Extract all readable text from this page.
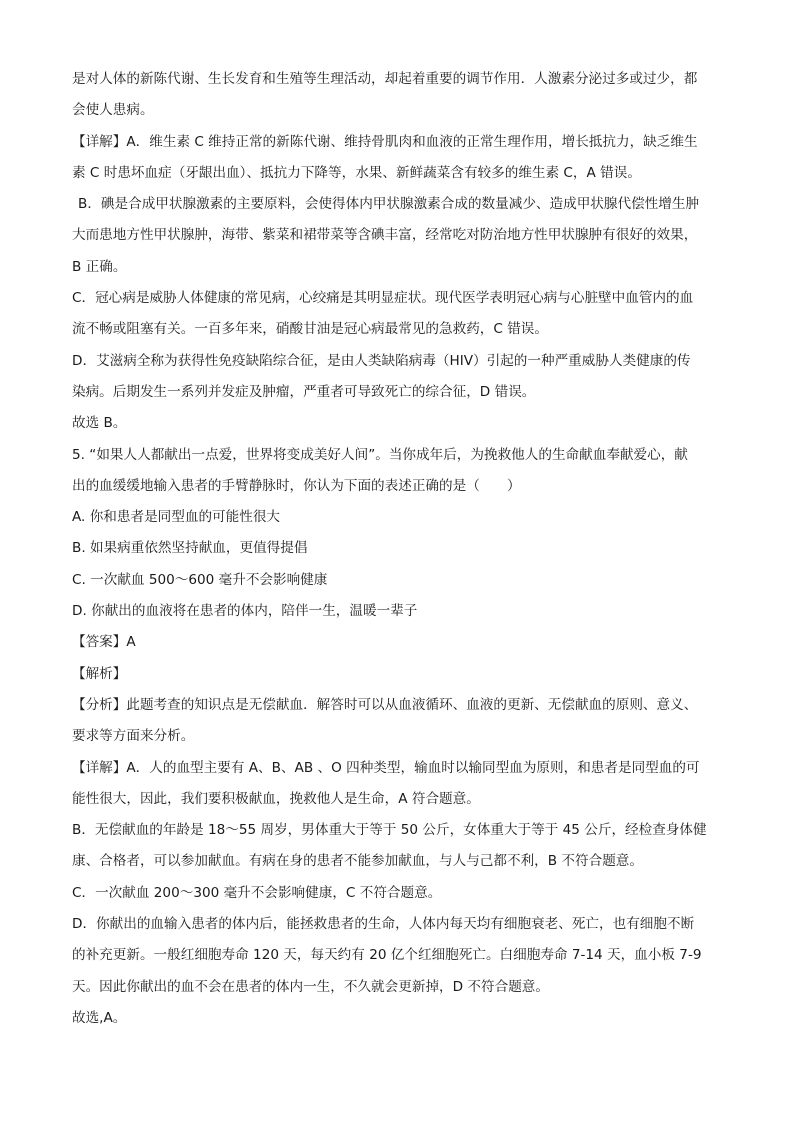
是对人体的新陈代谢、生长发育和生殖等生理活动，却起着重要的调节作用．人激素分泌过多或过少，都
会使人患病。
【详解】A．维生素 C 维持正常的新陈代谢、维持骨肌肉和血液的正常生理作用，增长抵抗力，缺乏维生
素 C 时患坏血症（牙龈出血）、抵抗力下降等，水果、新鲜蔬菜含有较多的维生素 C，A 错误。
B．碘是合成甲状腺激素的主要原料，会使得体内甲状腺激素合成的数量减少、造成甲状腺代偿性增生肿
大而患地方性甲状腺肿，海带、紫菜和裙带菜等含碘丰富，经常吃对防治地方性甲状腺肿有很好的效果，
B 正确。
C．冠心病是威胁人体健康的常见病，心绞痛是其明显症状。现代医学表明冠心病与心脏壁中血管内的血
流不畅或阻塞有关。一百多年来，硝酸甘油是冠心病最常见的急救药，C 错误。
D．艾滋病全称为获得性免疫缺陷综合征，是由人类缺陷病毒（HIV）引起的一种严重威胁人类健康的传
染病。后期发生一系列并发症及肿瘤，严重者可导致死亡的综合征，D 错误。
故选 B。
5. “如果人人都献出一点爱，世界将变成美好人间”。当你成年后，为挽救他人的生命献血奉献爱心，献
出的血缓缓地输入患者的手臂静脉时，你认为下面的表述正确的是（　　）
A. 你和患者是同型血的可能性很大
B. 如果病重依然坚持献血，更值得提倡
C. 一次献血 500～600 毫升不会影响健康
D. 你献出的血液将在患者的体内，陪伴一生，温暖一辈子
【答案】A
【解析】
【分析】此题考查的知识点是无偿献血．解答时可以从血液循环、血液的更新、无偿献血的原则、意义、
要求等方面来分析。
【详解】A．人的血型主要有 A、B、AB 、O 四种类型，输血时以输同型血为原则，和患者是同型血的可
能性很大，因此，我们要积极献血，挽救他人是生命，A 符合题意。
B．无偿献血的年龄是 18～55 周岁，男体重大于等于 50 公斤，女体重大于等于 45 公斤，经检查身体健
康、合格者，可以参加献血。有病在身的患者不能参加献血，与人与己都不利，B 不符合题意。
C．一次献血 200～300 毫升不会影响健康，C 不符合题意。
D．你献出的血输入患者的体内后，能拯救患者的生命，人体内每天均有细胞衰老、死亡，也有细胞不断
的补充更新。一般红细胞寿命 120 天，每天约有 20 亿个红细胞死亡。白细胞寿命 7-14 天，血小板 7-9
天。因此你献出的血不会在患者的体内一生，不久就会更新掉，D 不符合题意。
故选,A。
